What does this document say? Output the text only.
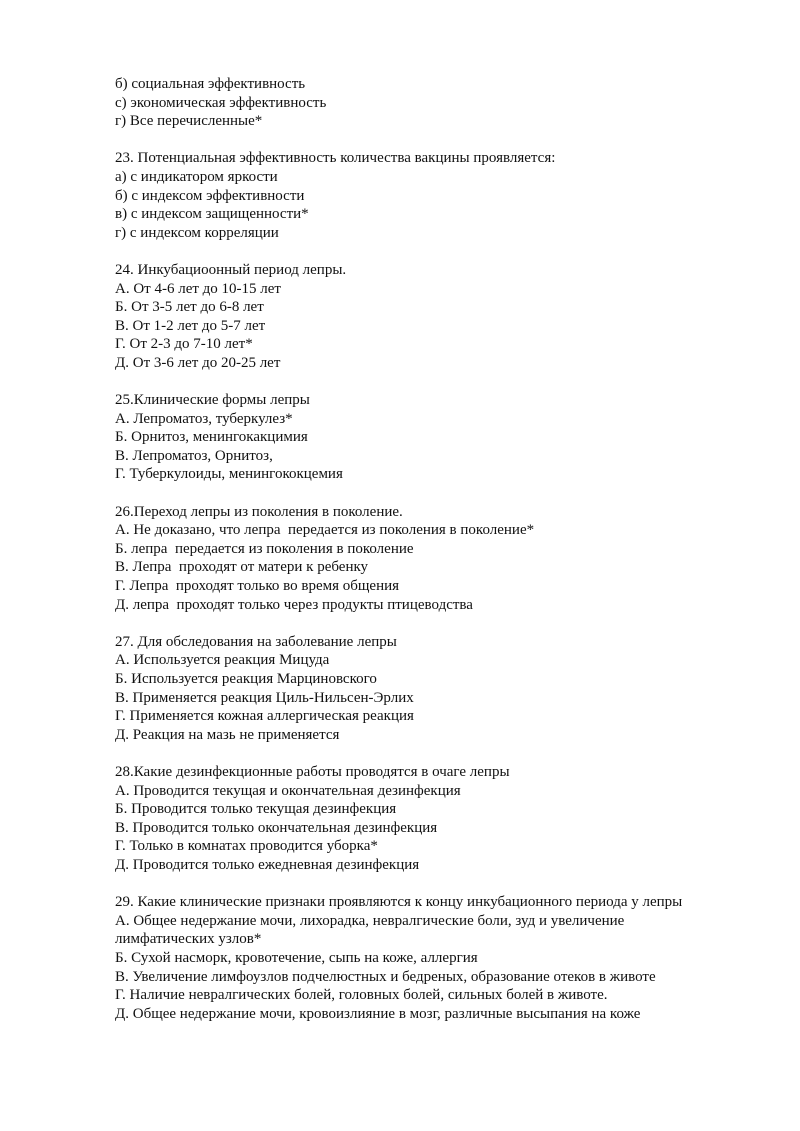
б) социальная эффективность
с) экономическая эффективность
г) Все перечисленные*
23. Потенциальная эффективность количества вакцины проявляется:
а) с индикатором яркости
б) с индексом эффективности
в) с индексом защищенности*
г) с индексом корреляции
24. Инкубациоонный период лепры.
А. От 4-6 лет до 10-15 лет
Б. От 3-5 лет до 6-8 лет
В. От 1-2 лет до 5-7 лет
Г. От 2-3 до 7-10 лет*
Д. От 3-6 лет до 20-25 лет
25.Клинические формы лепры
А. Лепроматоз, туберкулез*
Б. Орнитоз, менингокакцимия
В. Лепроматоз, Орнитоз,
Г. Туберкулоиды, менингококцемия
26.Переход лепры из поколения в поколение.
А. Не доказано, что лепра  передается из поколения в поколение*
Б. лепра  передается из поколения в поколение
В. Лепра  проходят от матери к ребенку
Г. Лепра  проходят только во время общения
Д. лепра  проходят только через продукты птицеводства
27. Для обследования на заболевание лепры
А. Используется реакция Мицуда
Б. Используется реакция Марциновского
В. Применяется реакция Циль-Нильсен-Эрлих
Г. Применяется кожная аллергическая реакция
Д. Реакция на мазь не применяется
28.Какие дезинфекционные работы проводятся в очаге лепры
А. Проводится текущая и окончательная дезинфекция
Б. Проводится только текущая дезинфекция
В. Проводится только окончательная дезинфекция
Г. Только в комнатах проводится уборка*
Д. Проводится только ежедневная дезинфекция
29. Какие клинические признаки проявляются к концу инкубационного периода у лепры
А. Общее недержание мочи, лихорадка, невралгические боли, зуд и увеличение
лимфатических узлов*
Б. Сухой насморк, кровотечение, сыпь на коже, аллергия
В. Увеличение лимфоузлов подчелюстных и бедреных, образование отеков в животе
Г. Наличие невралгических болей, головных болей, сильных болей в животе.
Д. Общее недержание мочи, кровоизлияние в мозг, различные высыпания на коже
